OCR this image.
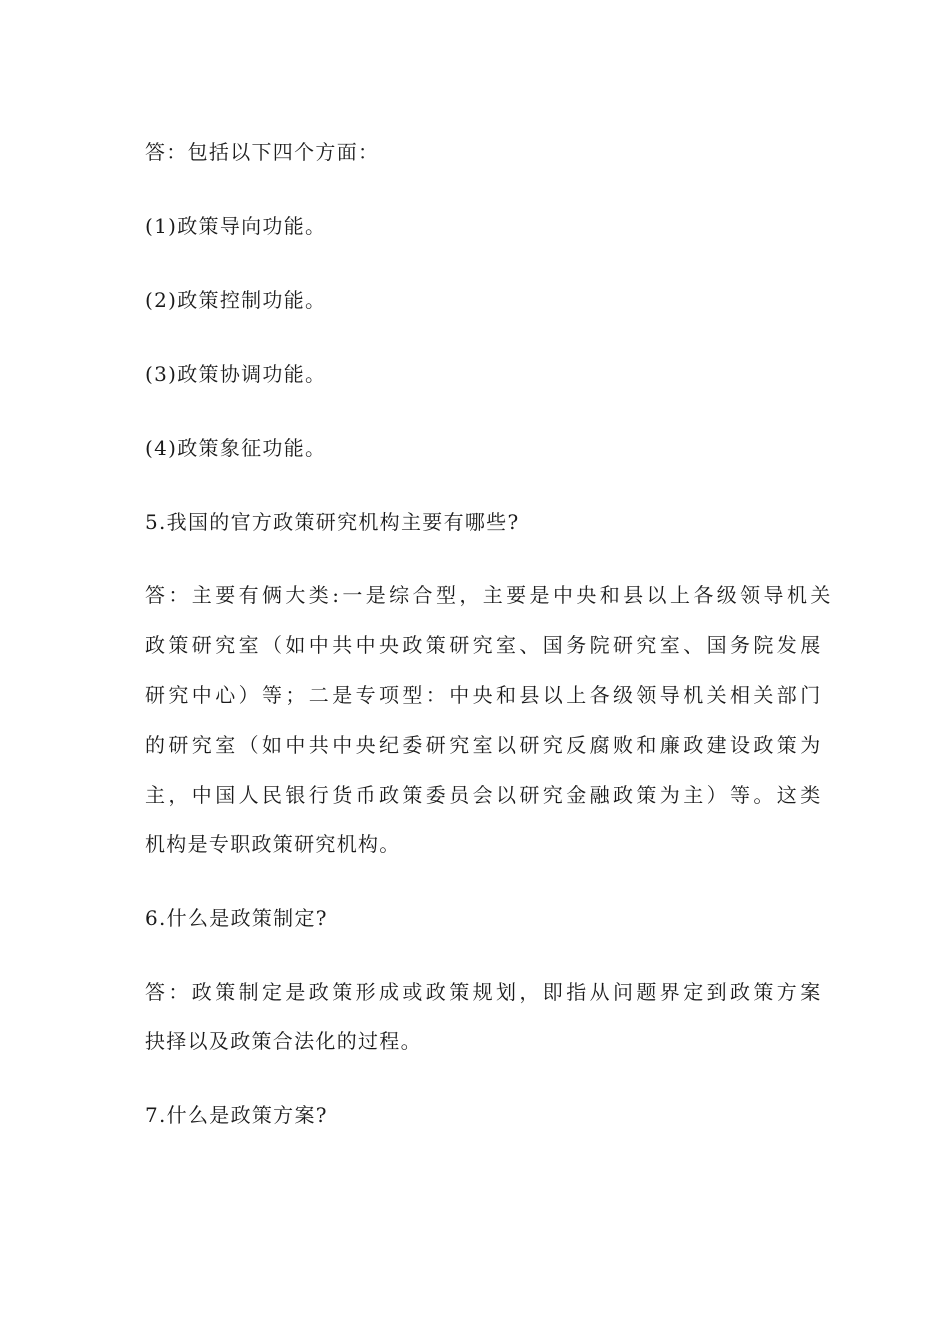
答：包括以下四个方面：
(1)政策导向功能。
(2)政策控制功能。
(3)政策协调功能。
(4)政策象征功能。
5.我国的官方政策研究机构主要有哪些?
答：主要有俩大类:一是综合型，主要是中央和县以上各级领导机关
政策研究室（如中共中央政策研究室、国务院研究室、国务院发展
研究中心）等；二是专项型：中央和县以上各级领导机关相关部门
的研究室（如中共中央纪委研究室以研究反腐败和廉政建设政策为
主，中国人民银行货币政策委员会以研究金融政策为主）等。这类
机构是专职政策研究机构。
6.什么是政策制定?
答：政策制定是政策形成或政策规划，即指从问题界定到政策方案
抉择以及政策合法化的过程。
7.什么是政策方案?
